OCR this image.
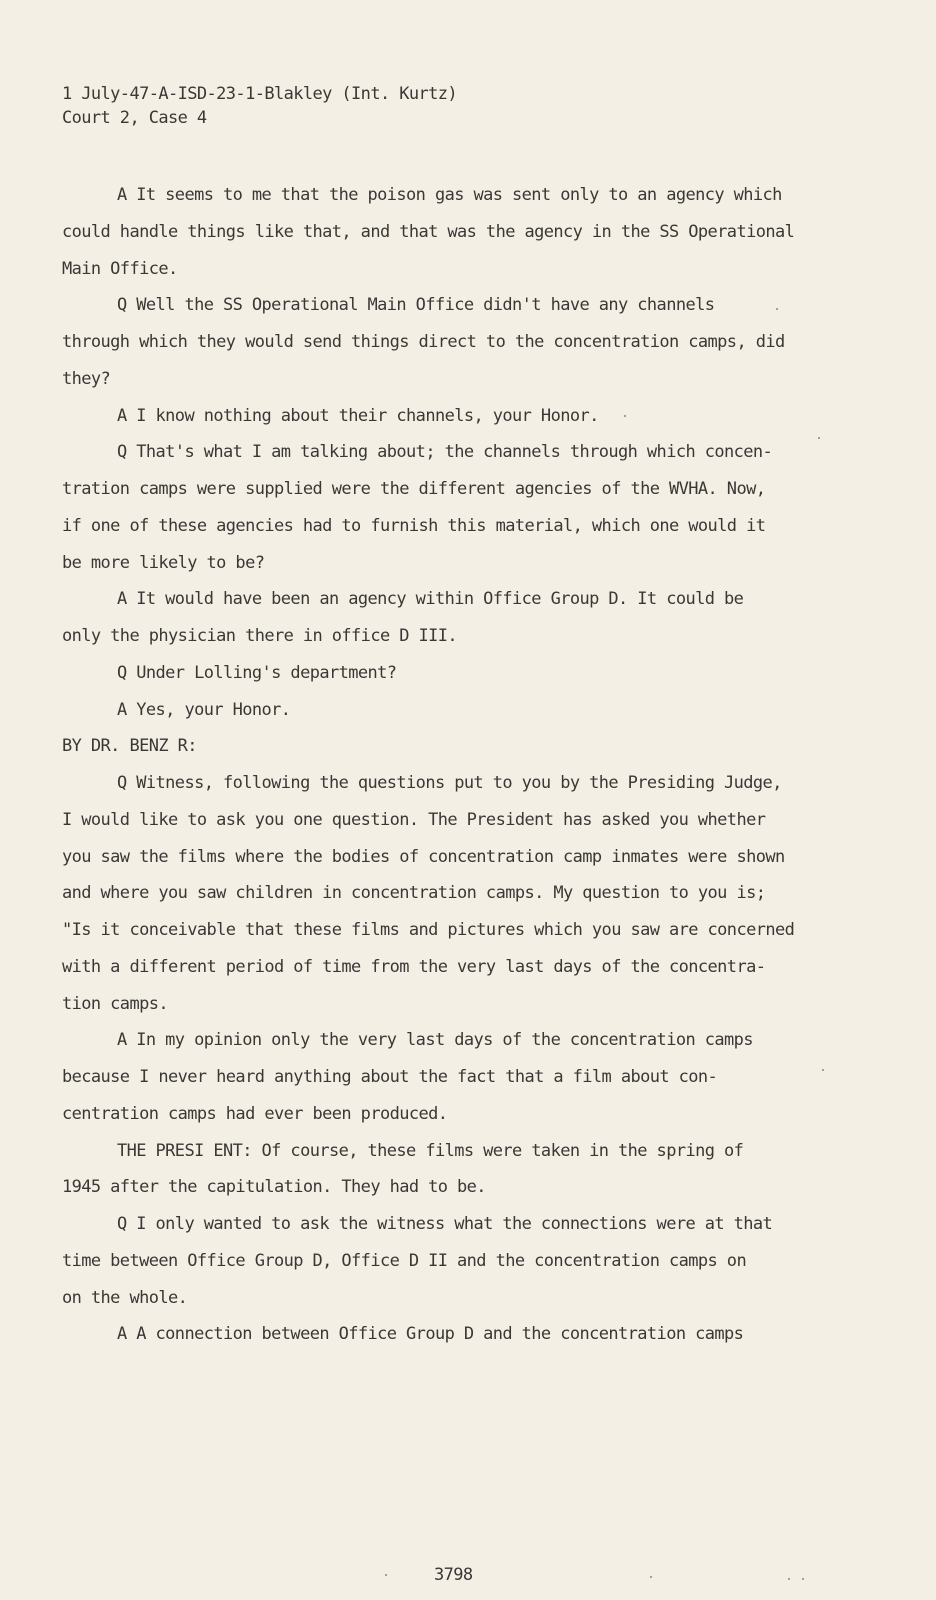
1 July-47-A-ISD-23-1-Blakley (Int. Kurtz)
Court 2, Case 4
A It seems to me that the poison gas was sent only to an agency which
could handle things like that, and that was the agency in the SS Operational
Main Office.
Q Well the SS Operational Main Office didn't have any channels
through which they would send things direct to the concentration camps, did
they?
A I know nothing about their channels, your Honor.
Q That's what I am talking about; the channels through which concen-
tration camps were supplied were the different agencies of the WVHA. Now,
if one of these agencies had to furnish this material, which one would it
be more likely to be?
A It would have been an agency within Office Group D. It could be
only the physician there in office D III.
Q Under Lolling's department?
A Yes, your Honor.
BY DR. BENZ R:
Q Witness, following the questions put to you by the Presiding Judge,
I would like to ask you one question. The President has asked you whether
you saw the films where the bodies of concentration camp inmates were shown
and where you saw children in concentration camps. My question to you is;
"Is it conceivable that these films and pictures which you saw are concerned
with a different period of time from the very last days of the concentra-
tion camps.
A In my opinion only the very last days of the concentration camps
because I never heard anything about the fact that a film about con-
centration camps had ever been produced.
THE PRESI ENT: Of course, these films were taken in the spring of
1945 after the capitulation. They had to be.
Q I only wanted to ask the witness what the connections were at that
time between Office Group D, Office D II and the concentration camps on
on the whole.
A A connection between Office Group D and the concentration camps
3798
